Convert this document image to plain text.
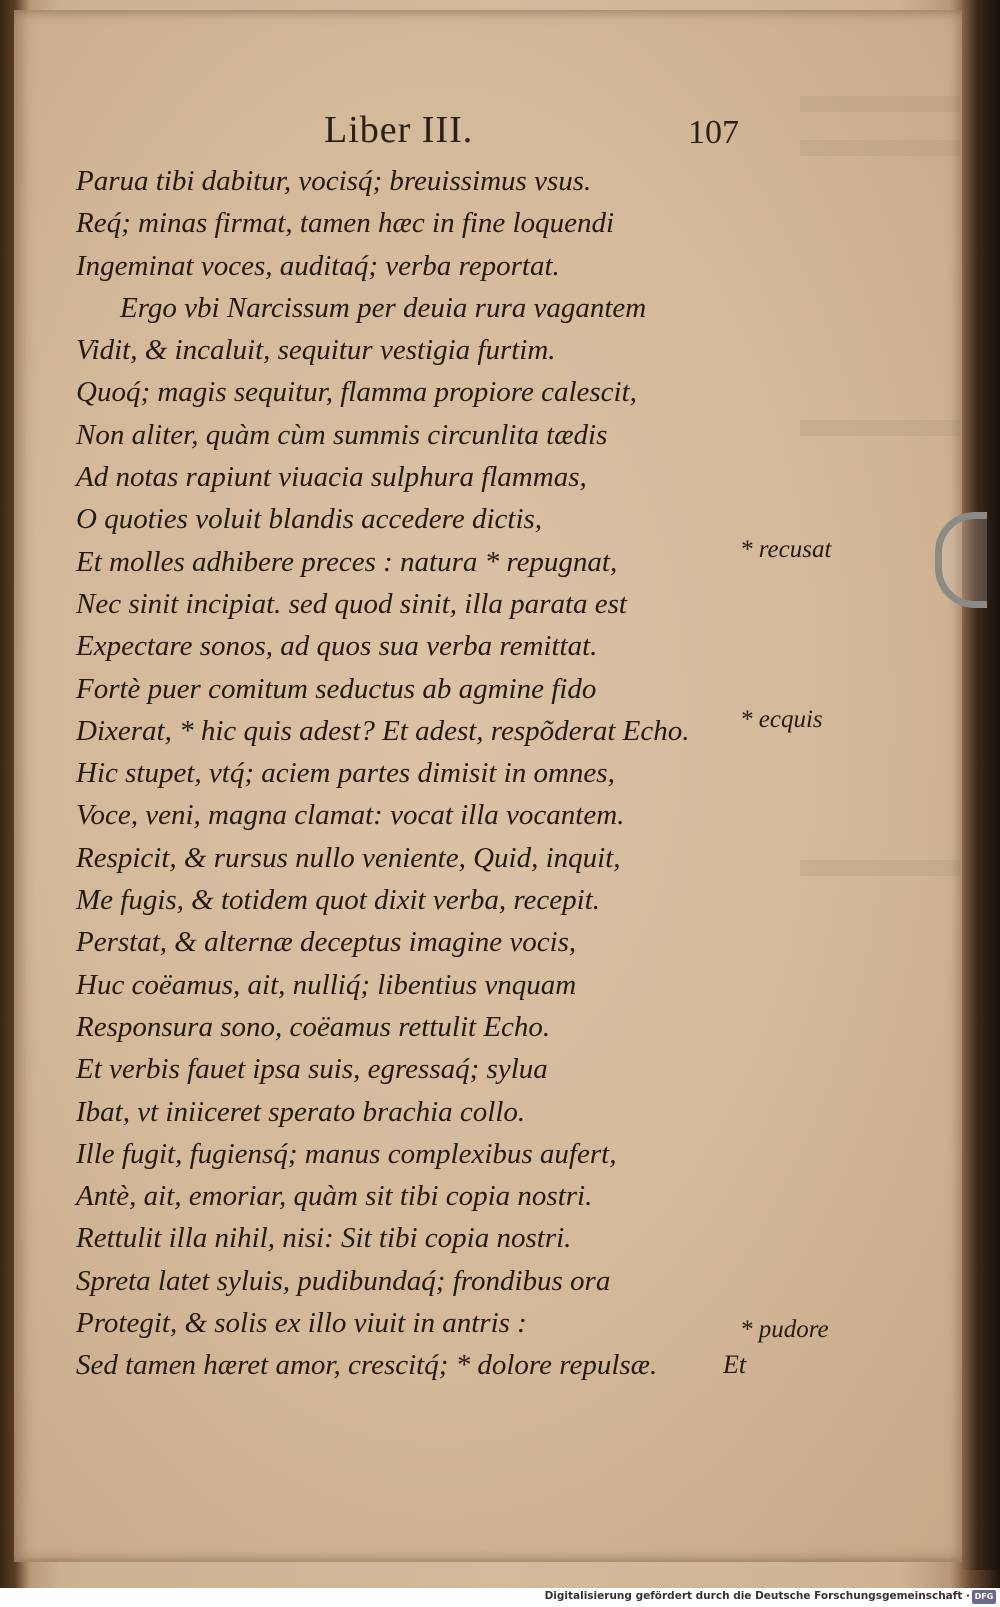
Liber III.	107
Parua tibi dabitur, vocisq́; breuissimus vsus.
Req́; minas firmat, tamen hæc in fine loquendi
Ingeminat voces, auditaq́; verba reportat.
Ergo vbi Narcissum per deuia rura vagantem
Vidit, & incaluit, sequitur vestigia furtim.
Quoq́; magis sequitur, flamma propiore calescit,
Non aliter, quàm cùm summis circunlita tædis
Ad notas rapiunt viuacia sulphura flammas,
O quoties voluit blandis accedere dictis,
Et molles adhibere preces : natura * repugnat,
Nec sinit incipiat. sed quod sinit, illa parata est
Expectare sonos, ad quos sua verba remittat.
Fortè puer comitum seductus ab agmine fido
Dixerat, * hic quis adest? Et adest, respõderat Echo.
Hic stupet, vtq́; aciem partes dimisit in omnes,
Voce, veni, magna clamat: vocat illa vocantem.
Respicit, & rursus nullo veniente, Quid, inquit,
Me fugis, & totidem quot dixit verba, recepit.
Perstat, & alternæ deceptus imagine vocis,
Huc coëamus, ait, nulliq́; libentius vnquam
Responsura sono, coëamus rettulit Echo.
Et verbis fauet ipsa suis, egressaq́; sylua
Ibat, vt iniiceret sperato brachia collo.
Ille fugit, fugiensq́; manus complexibus aufert,
Antè, ait, emoriar, quàm sit tibi copia nostri.
Rettulit illa nihil, nisi: Sit tibi copia nostri.
Spreta latet syluis, pudibundaq́; frondibus ora
Protegit, & solis ex illo viuit in antris :
Sed tamen hæret amor, crescitq́; * dolore repulsæ.
* recusat
* ecquis
* pudore
Et
Digitalisierung gefördert durch die Deutsche Forschungsgemeinschaft · DFG
